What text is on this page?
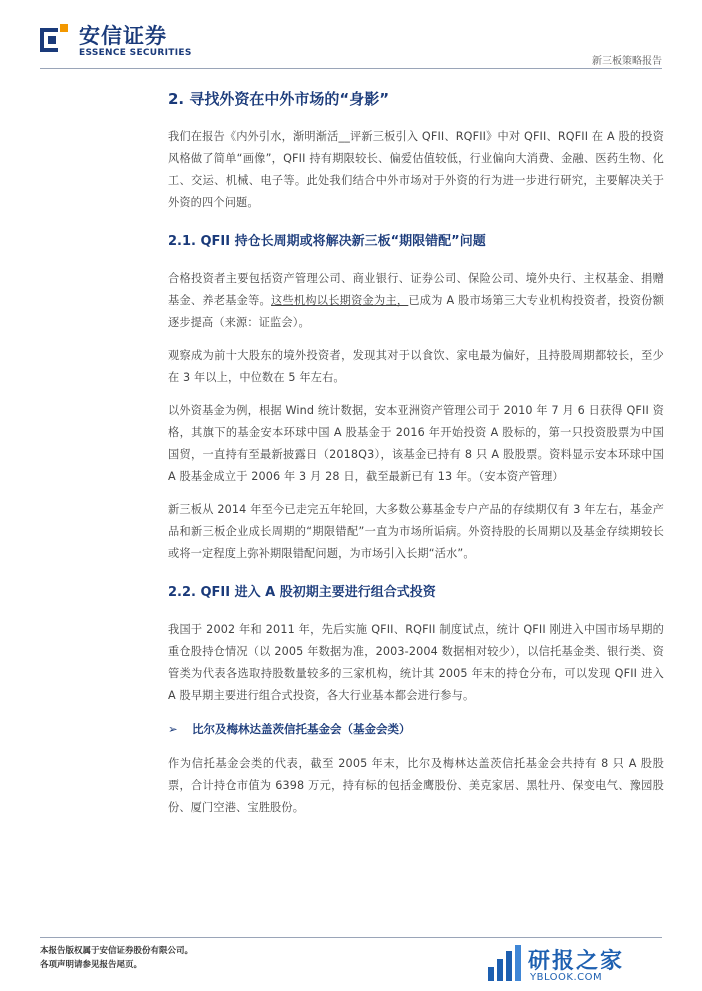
安信证券
ESSENCE SECURITIES
新三板策略报告
2. 寻找外资在中外市场的“身影”

我们在报告《内外引水，渐明渐活__评新三板引入 QFII、RQFII》中对 QFII、RQFII 在 A 股的投资风格做了简单“画像”，QFII 持有期限较长、偏爱估值较低，行业偏向大消费、金融、医药生物、化工、交运、机械、电子等。此处我们结合中外市场对于外资的行为进一步进行研究，主要解决关于外资的四个问题。

2.1. QFII 持仓长周期或将解决新三板“期限错配”问题

合格投资者主要包括资产管理公司、商业银行、证券公司、保险公司、境外央行、主权基金、捐赠基金、养老基金等。这些机构以长期资金为主，已成为 A 股市场第三大专业机构投资者，投资份额逐步提高（来源：证监会）。

观察成为前十大股东的境外投资者，发现其对于以食饮、家电最为偏好，且持股周期都较长，至少在 3 年以上，中位数在 5 年左右。

以外资基金为例，根据 Wind 统计数据，安本亚洲资产管理公司于 2010 年 7 月 6 日获得 QFII 资格，其旗下的基金安本环球中国 A 股基金于 2016 年开始投资 A 股标的，第一只投资股票为中国国贸，一直持有至最新披露日（2018Q3），该基金已持有 8 只 A 股股票。资料显示安本环球中国 A 股基金成立于 2006 年 3 月 28 日，截至最新已有 13 年。（安本资产管理）

新三板从 2014 年至今已走完五年轮回，大多数公募基金专户产品的存续期仅有 3 年左右，基金产品和新三板企业成长周期的“期限错配”一直为市场所诟病。外资持股的长周期以及基金存续期较长或将一定程度上弥补期限错配问题，为市场引入长期“活水”。

2.2. QFII 进入 A 股初期主要进行组合式投资

我国于 2002 年和 2011 年，先后实施 QFII、RQFII 制度试点，统计 QFII 刚进入中国市场早期的重仓股持仓情况（以 2005 年数据为准，2003-2004 数据相对较少），以信托基金类、银行类、资管类为代表各选取持股数量较多的三家机构，统计其 2005 年末的持仓分布，可以发现 QFII 进入 A 股早期主要进行组合式投资，各大行业基本都会进行参与。

➢ 比尔及梅林达盖茨信托基金会（基金会类）

作为信托基金会类的代表，截至 2005 年末，比尔及梅林达盖茨信托基金会共持有 8 只 A 股股票，合计持仓市值为 6398 万元，持有标的包括金鹰股份、美克家居、黑牡丹、保变电气、豫园股份、厦门空港、宝胜股份。

本报告版权属于安信证券股份有限公司。
各项声明请参见报告尾页。	研报之家
YBLOOK.COM
